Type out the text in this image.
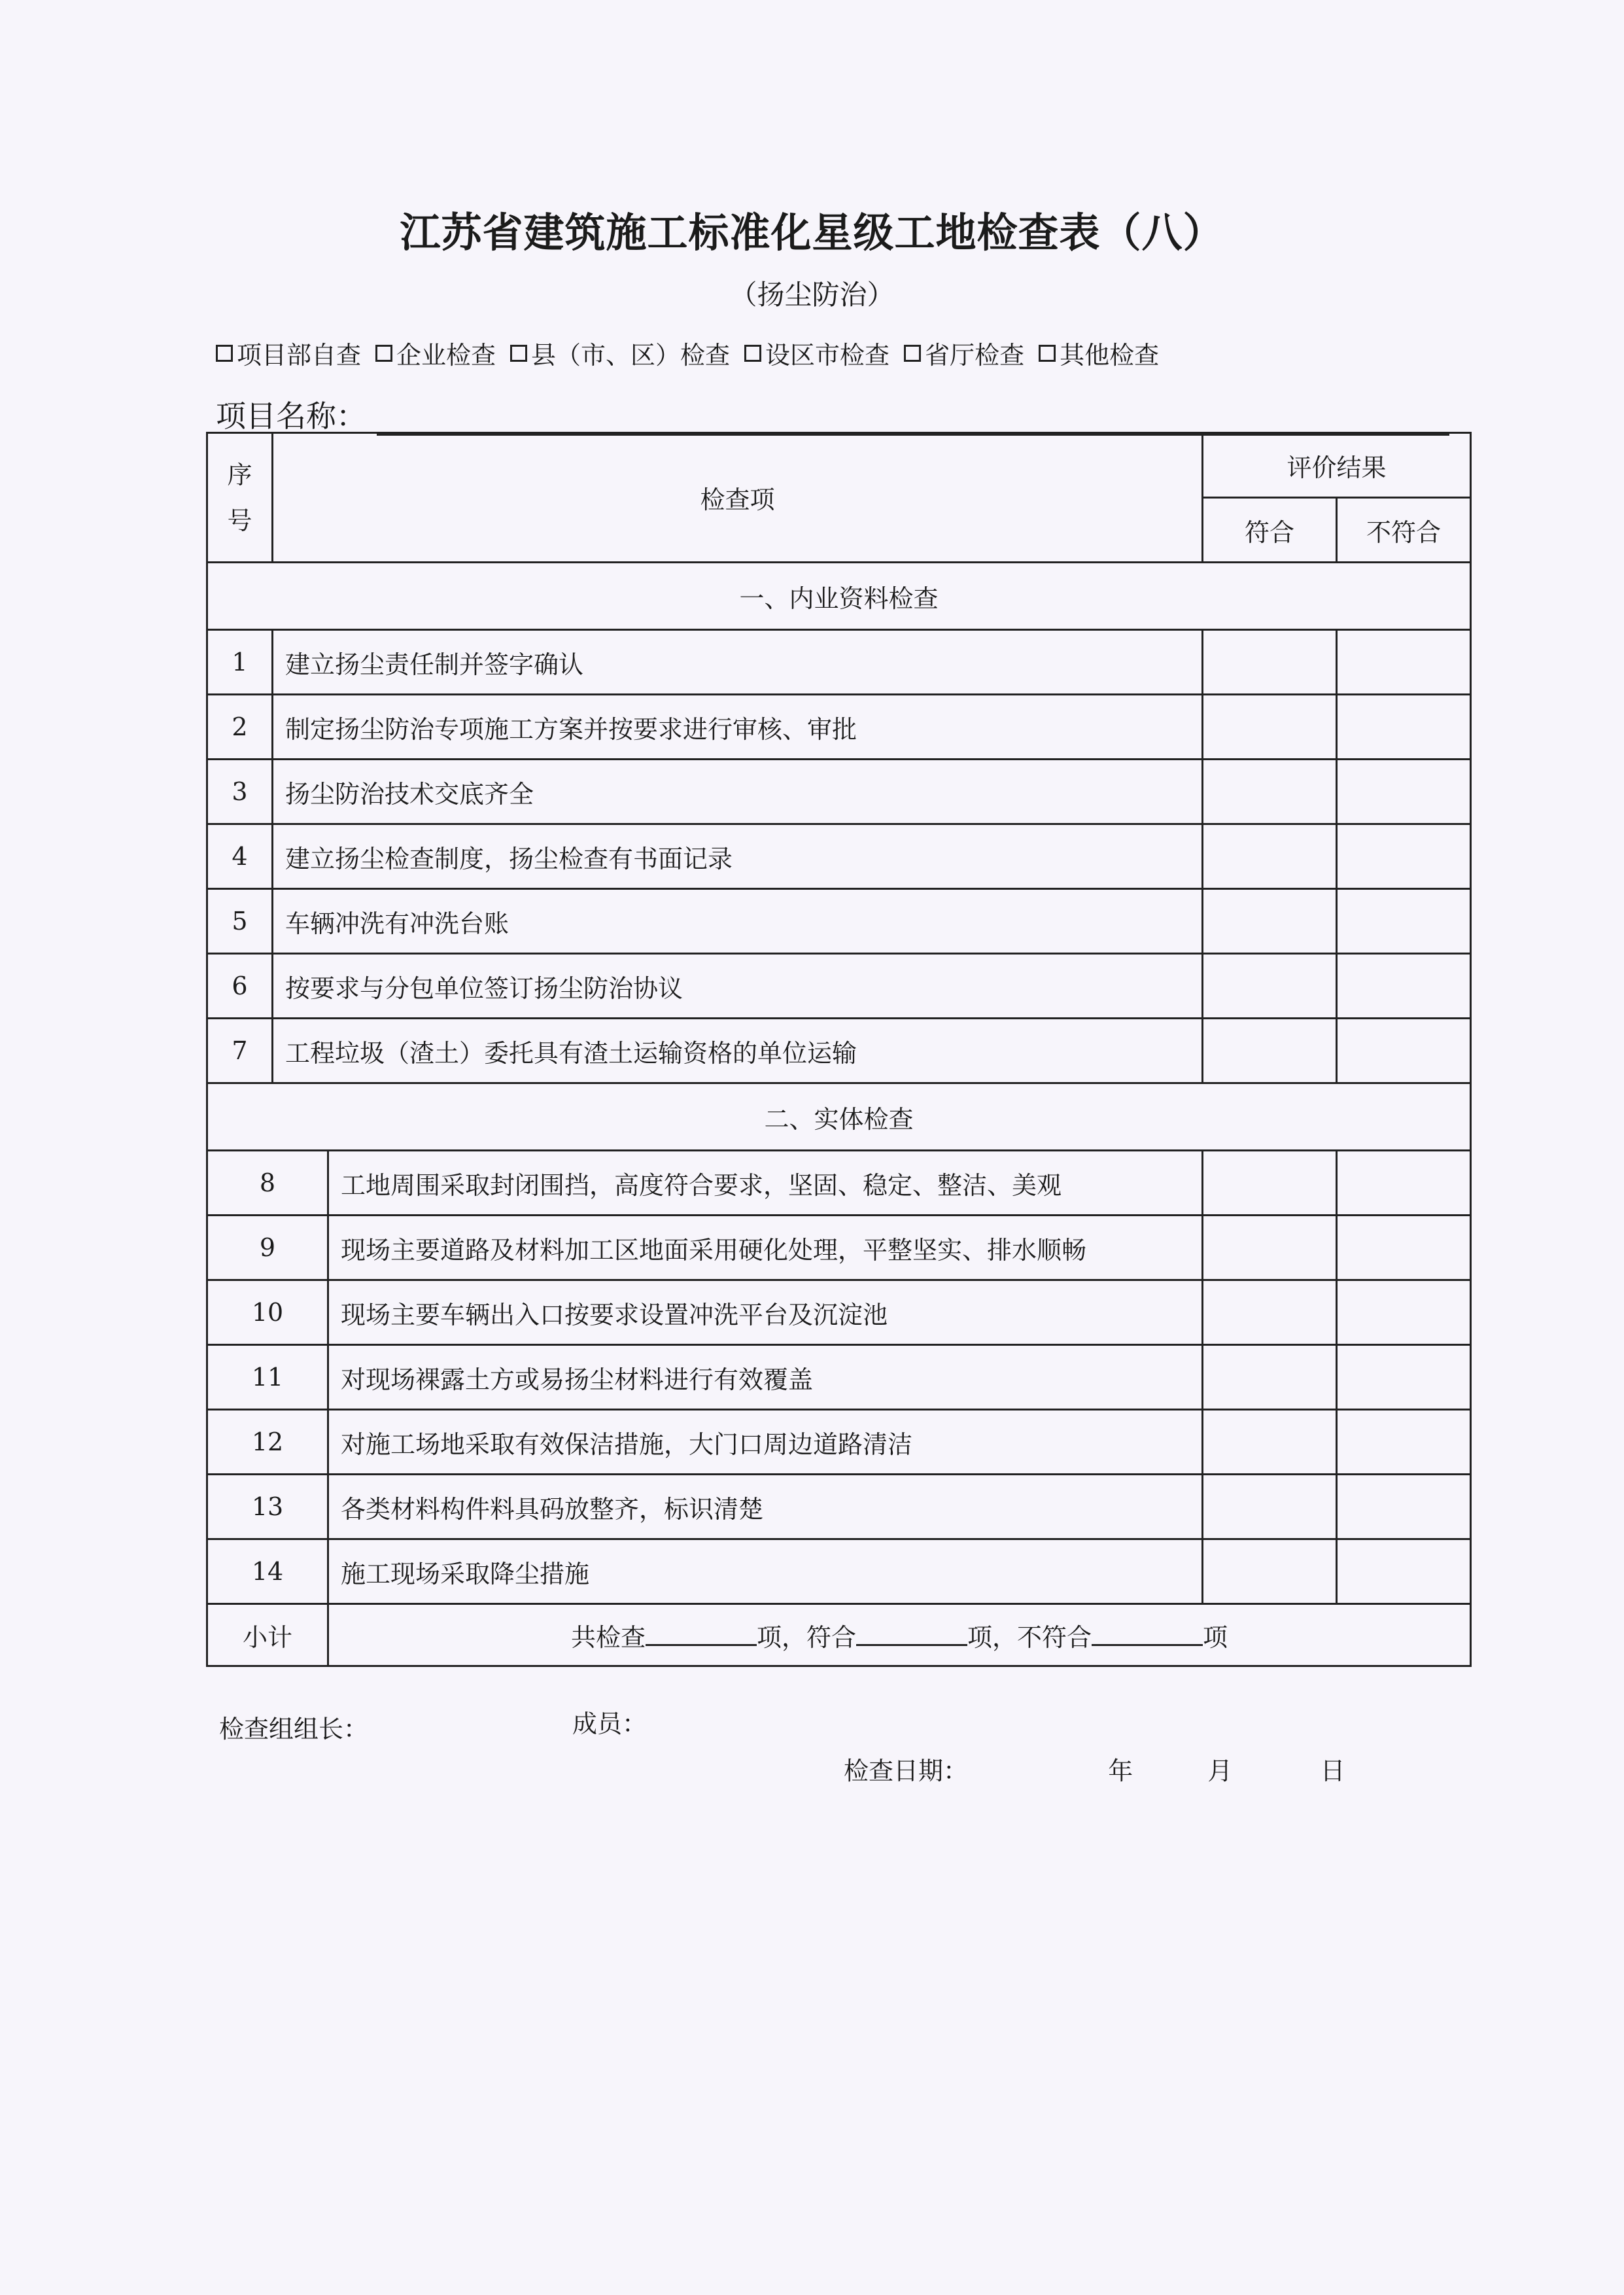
江苏省建筑施工标准化星级工地检查表（八）
（扬尘防治）
项目部自查 企业检查 县（市、区）检查 设区市检查 省厅检查 其他检查
项目名称：
序
号	检查项		评价结果	
			符合	不符合
一、内业资料检查				
1	建立扬尘责任制并签字确认			
2	制定扬尘防治专项施工方案并按要求进行审核、审批			
3	扬尘防治技术交底齐全			
4	建立扬尘检查制度，扬尘检查有书面记录			
5	车辆冲洗有冲洗台账			
6	按要求与分包单位签订扬尘防治协议			
7	工程垃圾（渣土）委托具有渣土运输资格的单位运输			
二、实体检查				
8		工地周围采取封闭围挡，高度符合要求，坚固、稳定、整洁、美观		
9		现场主要道路及材料加工区地面采用硬化处理，平整坚实、排水顺畅		
10		现场主要车辆出入口按要求设置冲洗平台及沉淀池		
11		对现场裸露土方或易扬尘材料进行有效覆盖		
12		对施工场地采取有效保洁措施，大门口周边道路清洁		
13		各类材料构件料具码放整齐，标识清楚		
14		施工现场采取降尘措施		
小计		共检查 项，符合 项，不符合 项		
检查组组长：	成员：
检查日期：	年	月	日
